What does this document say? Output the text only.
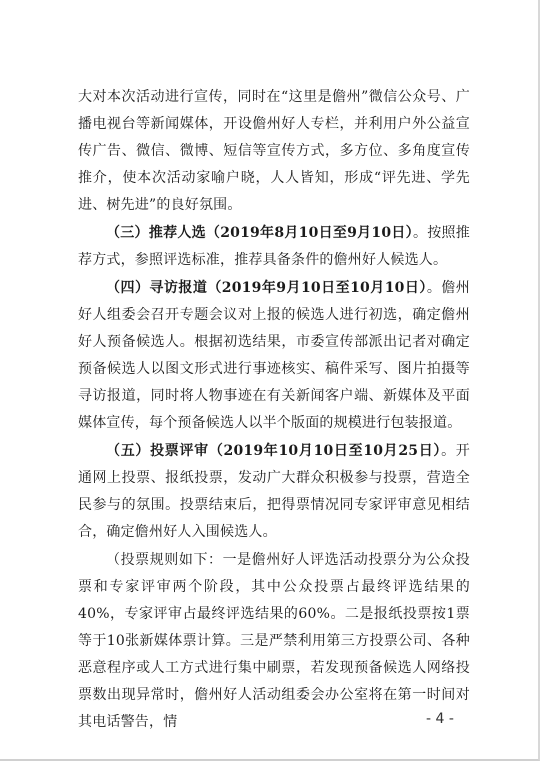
大对本次活动进行宣传，同时在“这里是儋州”微信公众号、广播电视台等新闻媒体，开设儋州好人专栏，并利用户外公益宣传广告、微信、微博、短信等宣传方式，多方位、多角度宣传推介，使本次活动家喻户晓，人人皆知，形成“评先进、学先进、树先进”的良好氛围。

（三）推荐人选（2019年8月10日至9月10日）。按照推荐方式，参照评选标准，推荐具备条件的儋州好人候选人。

（四）寻访报道（2019年9月10日至10月10日）。儋州好人组委会召开专题会议对上报的候选人进行初选，确定儋州好人预备候选人。根据初选结果，市委宣传部派出记者对确定预备候选人以图文形式进行事迹核实、稿件采写、图片拍摄等寻访报道，同时将人物事迹在有关新闻客户端、新媒体及平面媒体宣传，每个预备候选人以半个版面的规模进行包装报道。

（五）投票评审（2019年10月10日至10月25日）。开通网上投票、报纸投票，发动广大群众积极参与投票，营造全民参与的氛围。投票结束后，把得票情况同专家评审意见相结合，确定儋州好人入围候选人。

（投票规则如下：一是儋州好人评选活动投票分为公众投票和专家评审两个阶段，其中公众投票占最终评选结果的40%，专家评审占最终评选结果的60%。二是报纸投票按1票等于10张新媒体票计算。三是严禁利用第三方投票公司、各种恶意程序或人工方式进行集中刷票，若发现预备候选人网络投票数出现异常时，儋州好人活动组委会办公室将在第一时间对其电话警告，情	- 4 -
